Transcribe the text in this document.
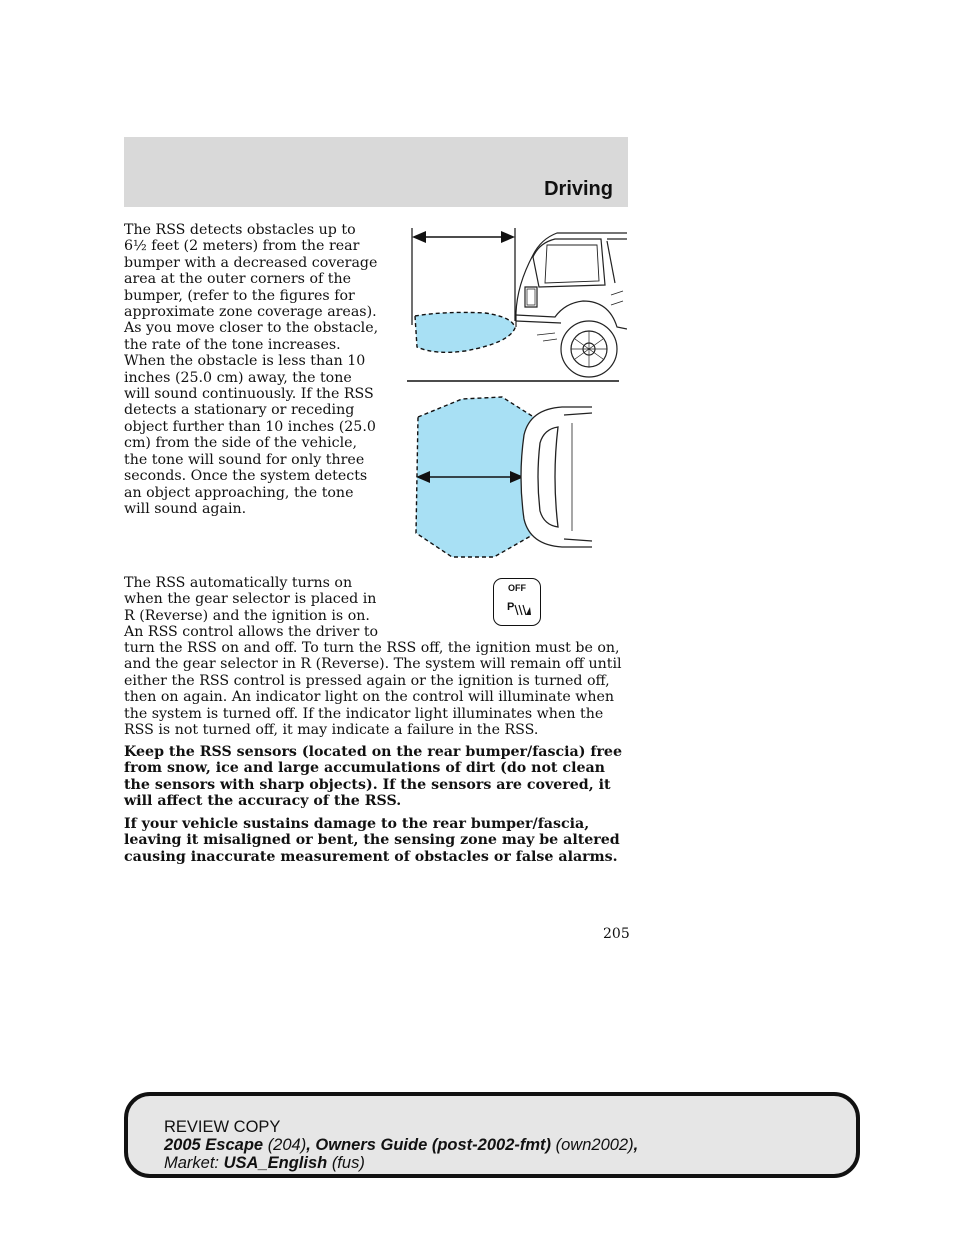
Driving

The RSS detects obstacles up to 6½ feet (2 meters) from the rear bumper with a decreased coverage area at the outer corners of the bumper, (refer to the figures for approximate zone coverage areas). As you move closer to the obstacle, the rate of the tone increases. When the obstacle is less than 10 inches (25.0 cm) away, the tone will sound continuously. If the RSS detects a stationary or receding object further than 10 inches (25.0 cm) from the side of the vehicle, the tone will sound for only three seconds. Once the system detects an object approaching, the tone will sound again.

The RSS automatically turns on when the gear selector is placed in R (Reverse) and the ignition is on. An RSS control allows the driver to

OFF
P

turn the RSS on and off. To turn the RSS off, the ignition must be on, and the gear selector in R (Reverse). The system will remain off until either the RSS control is pressed again or the ignition is turned off, then on again. An indicator light on the control will illuminate when the system is turned off. If the indicator light illuminates when the RSS is not turned off, it may indicate a failure in the RSS.

Keep the RSS sensors (located on the rear bumper/fascia) free from snow, ice and large accumulations of dirt (do not clean the sensors with sharp objects). If the sensors are covered, it will affect the accuracy of the RSS.

If your vehicle sustains damage to the rear bumper/fascia, leaving it misaligned or bent, the sensing zone may be altered causing inaccurate measurement of obstacles or false alarms.

205
REVIEW COPY
2005 Escape (204), Owners Guide (post-2002-fmt) (own2002),
Market: USA_English (fus)
